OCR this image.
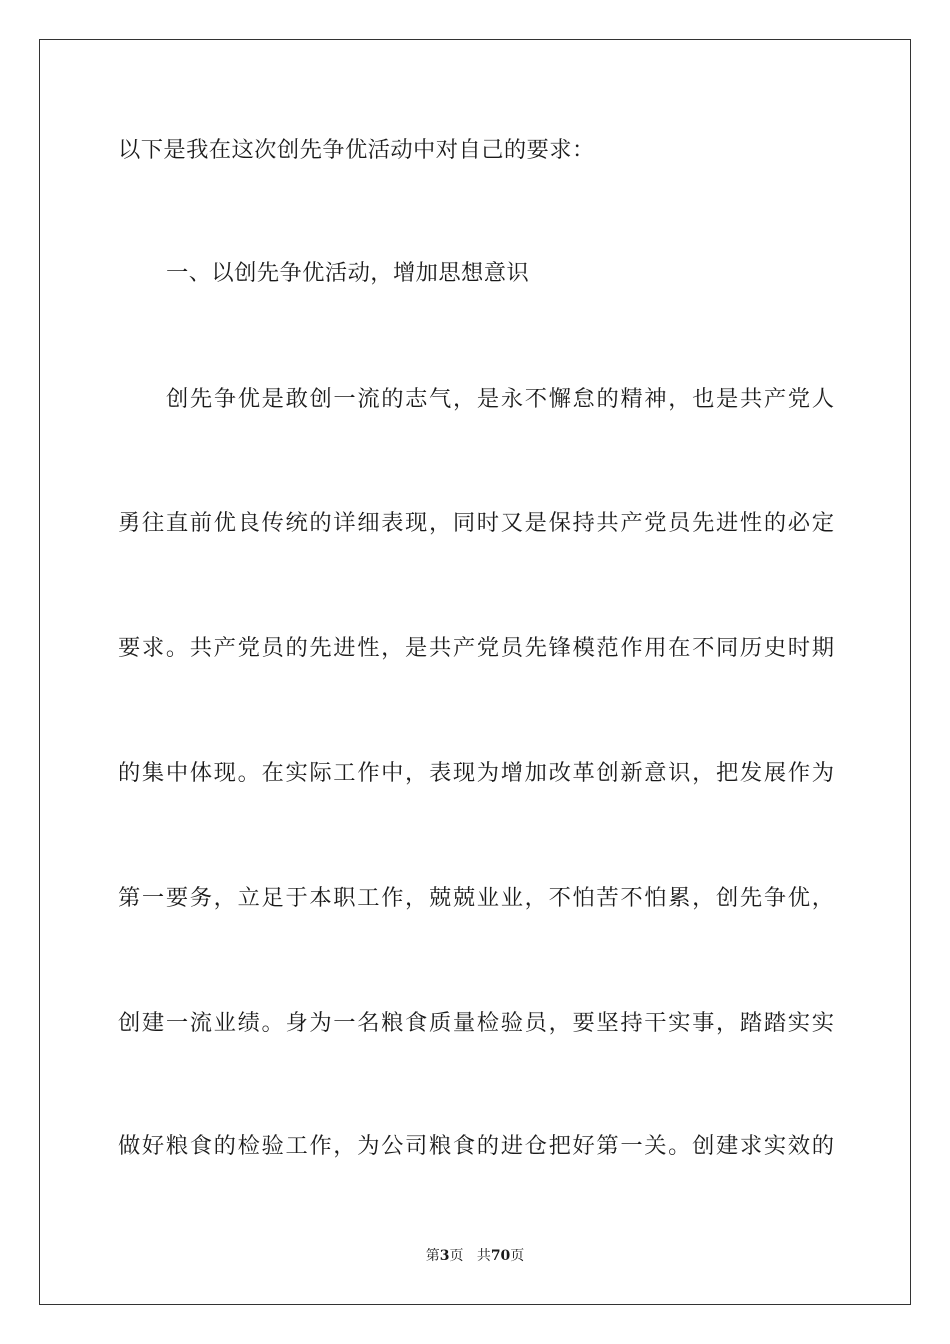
以下是我在这次创先争优活动中对自己的要求：
一、以创先争优活动，增加思想意识
创先争优是敢创一流的志气，是永不懈怠的精神，也是共产党人
勇往直前优良传统的详细表现，同时又是保持共产党员先进性的必定
要求。共产党员的先进性，是共产党员先锋模范作用在不同历史时期
的集中体现。在实际工作中，表现为增加改革创新意识，把发展作为
第一要务，立足于本职工作，兢兢业业，不怕苦不怕累，创先争优，
创建一流业绩。身为一名粮食质量检验员，要坚持干实事，踏踏实实
做好粮食的检验工作，为公司粮食的进仓把好第一关。创建求实效的
第3页 共70页
